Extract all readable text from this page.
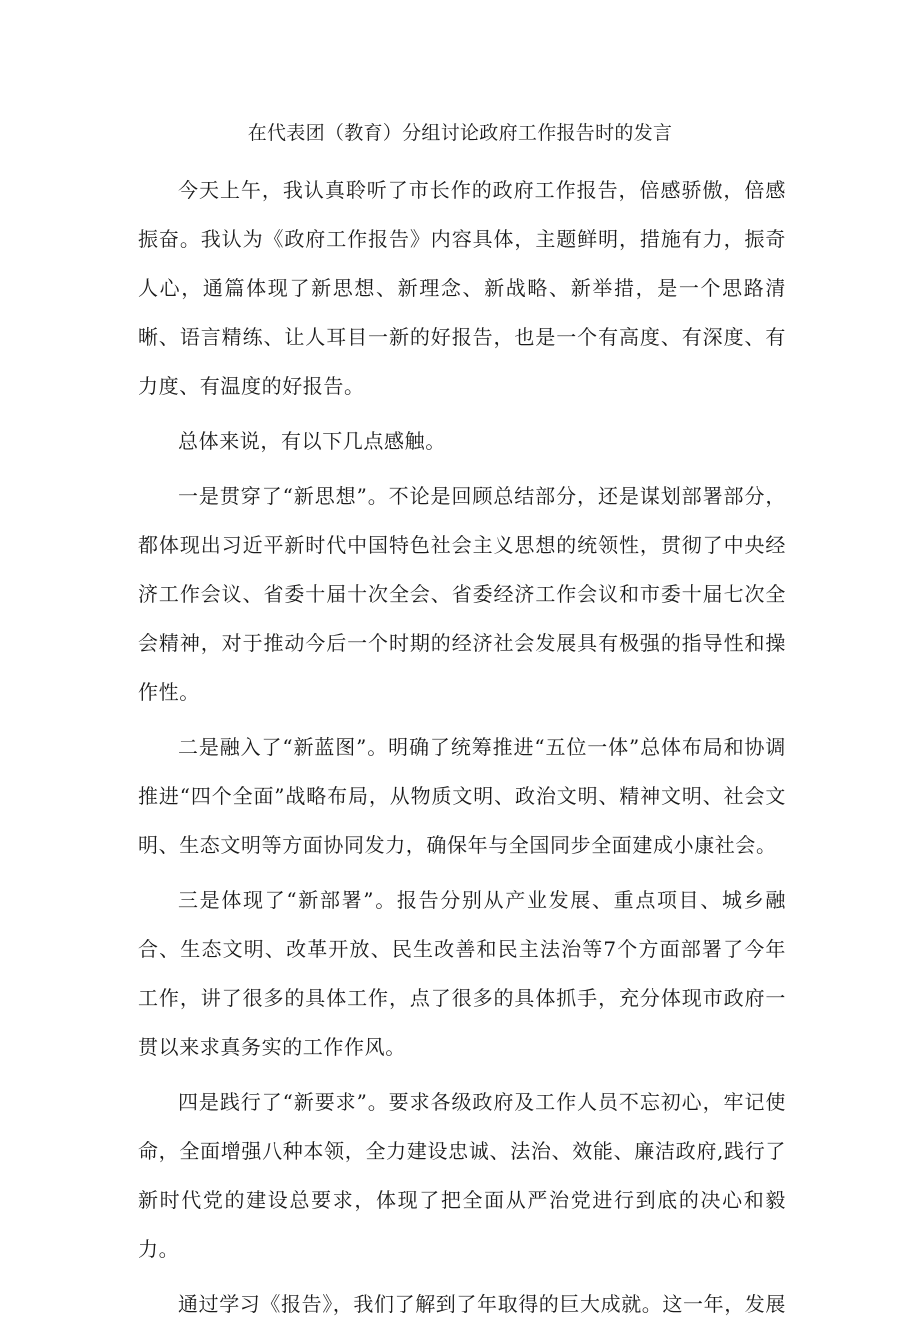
在代表团（教育）分组讨论政府工作报告时的发言

今天上午，我认真聆听了市长作的政府工作报告，倍感骄傲，倍感振奋。我认为《政府工作报告》内容具体，主题鲜明，措施有力，振奇人心，通篇体现了新思想、新理念、新战略、新举措，是一个思路清晰、语言精练、让人耳目一新的好报告，也是一个有高度、有深度、有力度、有温度的好报告。

总体来说，有以下几点感触。

一是贯穿了“新思想”。不论是回顾总结部分，还是谋划部署部分，都体现出习近平新时代中国特色社会主义思想的统领性，贯彻了中央经济工作会议、省委十届十次全会、省委经济工作会议和市委十届七次全会精神，对于推动今后一个时期的经济社会发展具有极强的指导性和操作性。

二是融入了“新蓝图”。明确了统筹推进“五位一体”总体布局和协调推进“四个全面”战略布局，从物质文明、政治文明、精神文明、社会文明、生态文明等方面协同发力，确保年与全国同步全面建成小康社会。

三是体现了“新部署”。报告分别从产业发展、重点项目、城乡融合、生态文明、改革开放、民生改善和民主法治等7个方面部署了今年工作，讲了很多的具体工作，点了很多的具体抓手，充分体现市政府一贯以来求真务实的工作作风。

四是践行了“新要求”。要求各级政府及工作人员不忘初心，牢记使命，全面增强八种本领，全力建设忠诚、法治、效能、廉洁政府,践行了新时代党的建设总要求，体现了把全面从严治党进行到底的决心和毅力。

通过学习《报告》，我们了解到了年取得的巨大成就。这一年，发展
